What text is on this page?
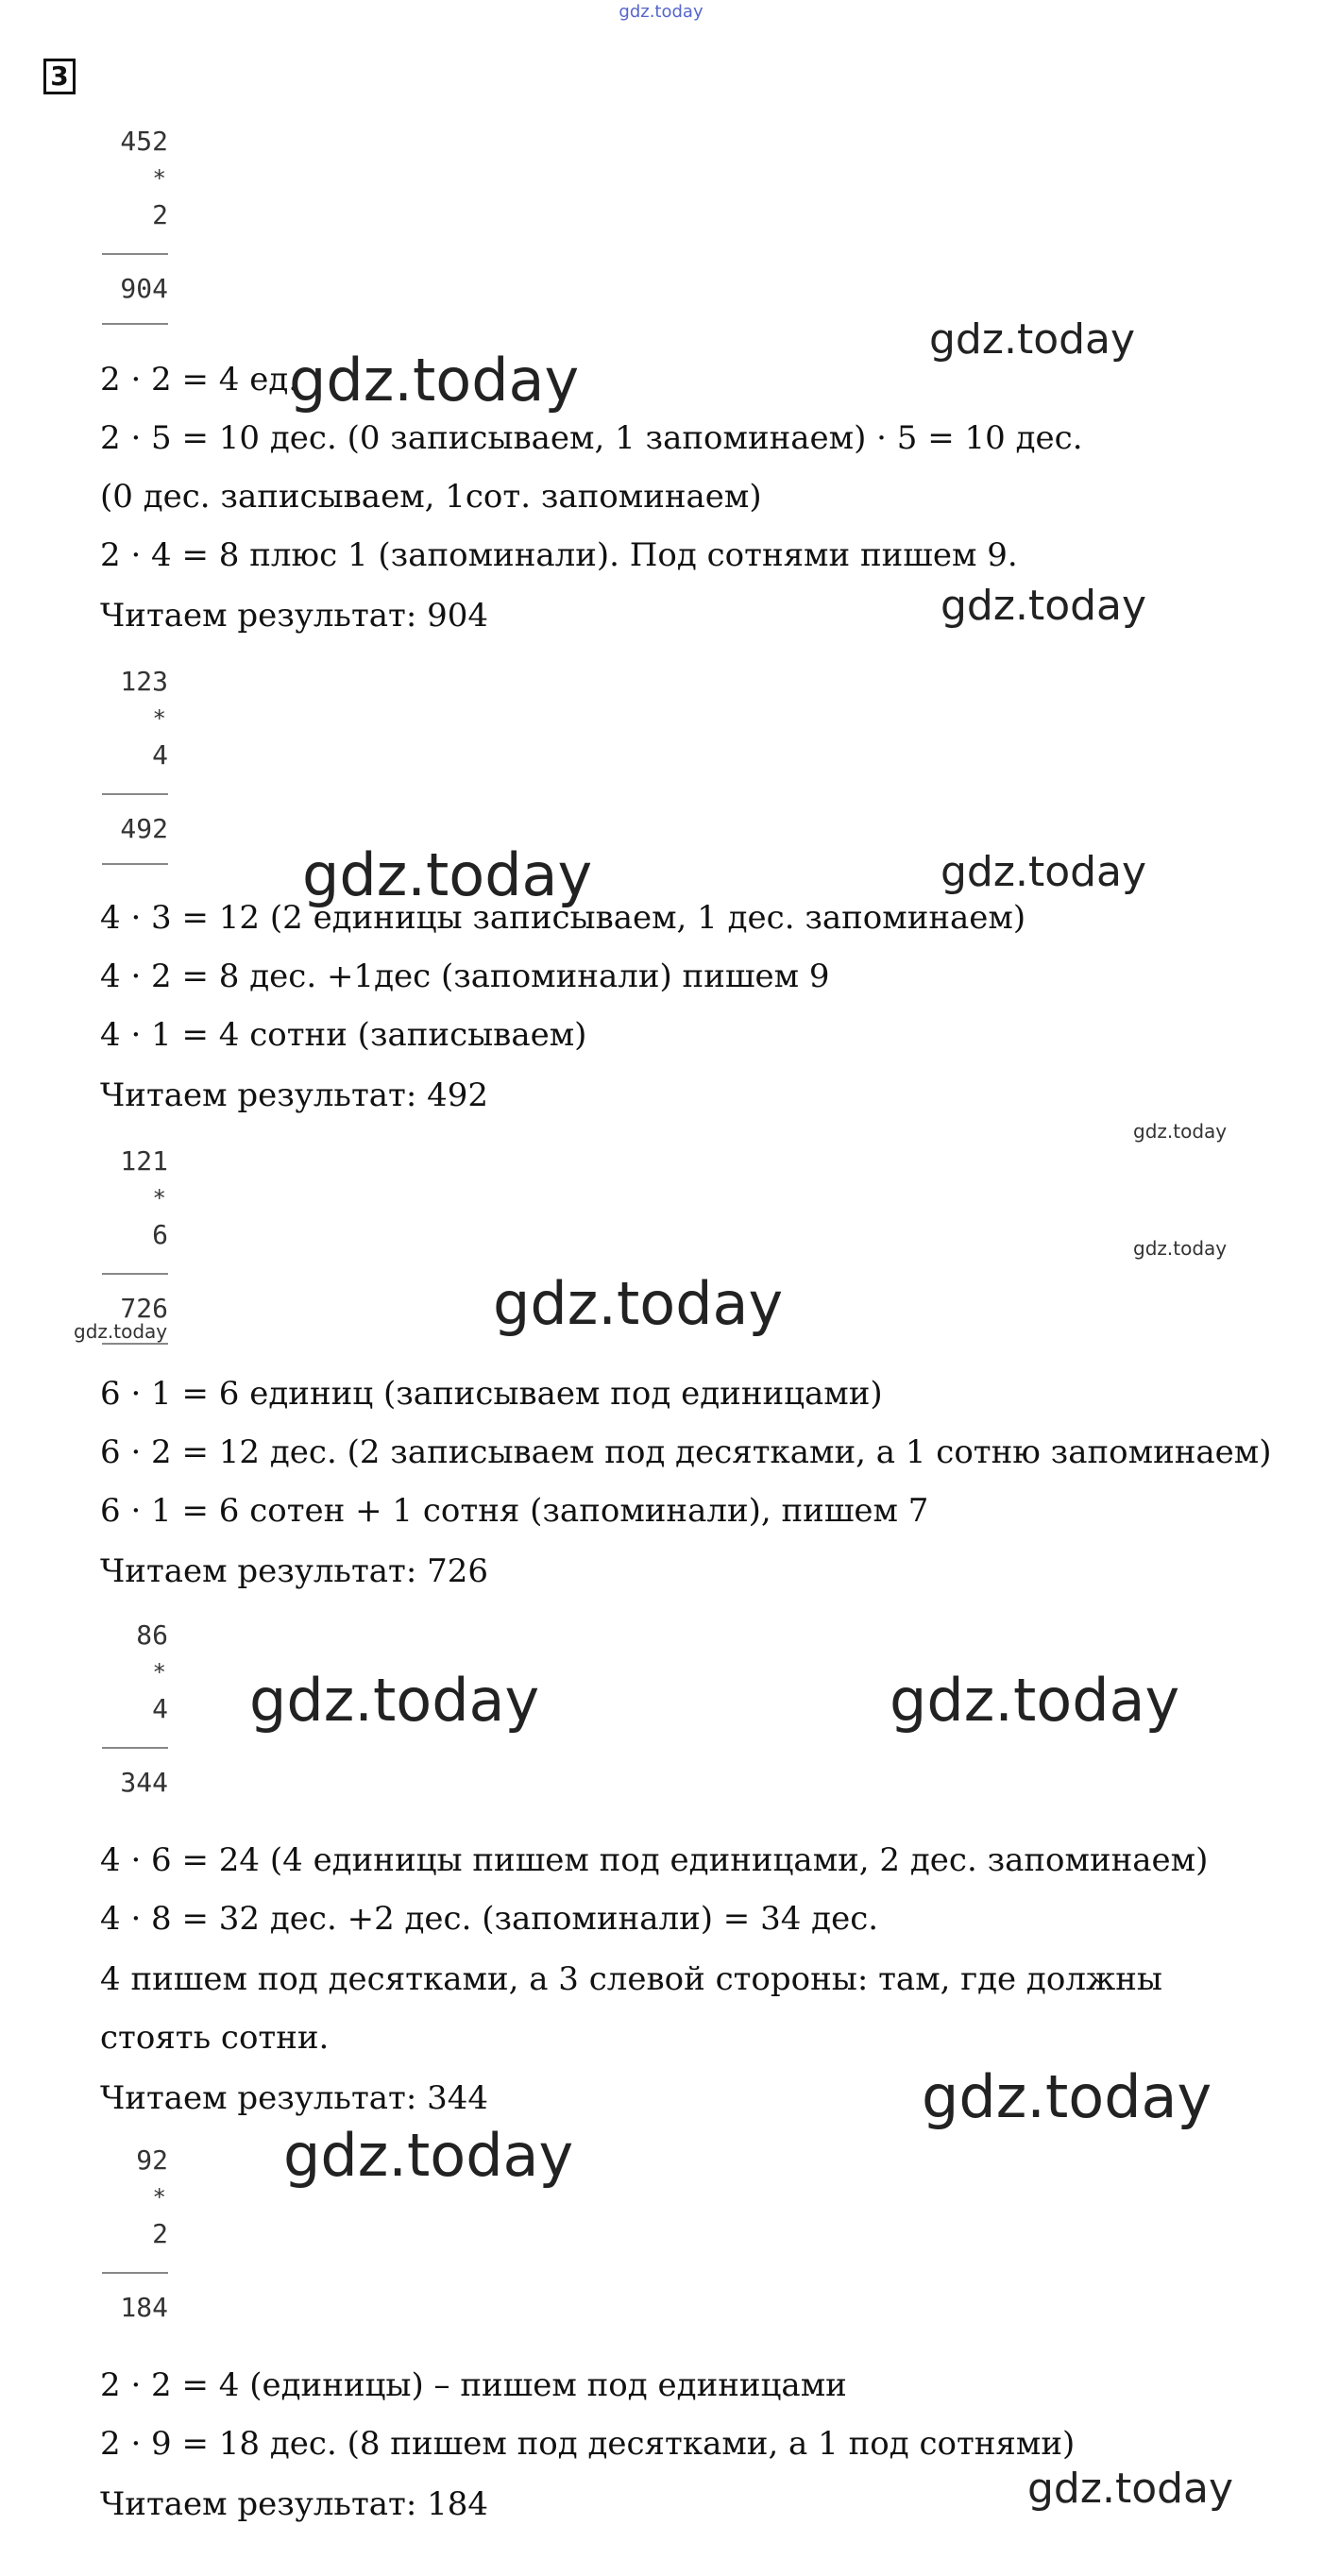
gdz.today
3
452
*
2
904
2 · 2 = 4 ед.
2 · 5 = 10 дес. (0 записываем, 1 запоминаем) · 5 = 10 дес.
(0 дес. записываем, 1сот. запоминаем)
2 · 4 = 8 плюс 1 (запоминали). Под сотнями пишем 9.
Читаем результат: 904
123
*
4
492
4 · 3 = 12 (2 единицы записываем, 1 дес. запоминаем)
4 · 2 = 8 дес. +1дес (запоминали) пишем 9
4 · 1 = 4 сотни (записываем)
Читаем результат: 492
121
*
6
726
6 · 1 = 6 единиц (записываем под единицами)
6 · 2 = 12 дес. (2 записываем под десятками, а 1 сотню запоминаем)
6 · 1 = 6 сотен + 1 сотня (запоминали), пишем 7
Читаем результат: 726
86
*
4
344
4 · 6 = 24 (4 единицы пишем под единицами, 2 дес. запоминаем)
4 · 8 = 32 дес. +2 дес. (запоминали) = 34 дес.
4 пишем под десятками, а 3 слевой стороны: там, где должны
стоять сотни.
Читаем результат: 344
92
*
2
184
2 · 2 = 4 (единицы) – пишем под единицами
2 · 9 = 18 дес. (8 пишем под десятками, а 1 под сотнями)
Читаем результат: 184
gdz.today
gdz.today
gdz.today
gdz.today	gdz.today
gdz.today
gdz.today
gdz.today
gdz.today
gdz.today	gdz.today
gdz.today
gdz.today
gdz.today
